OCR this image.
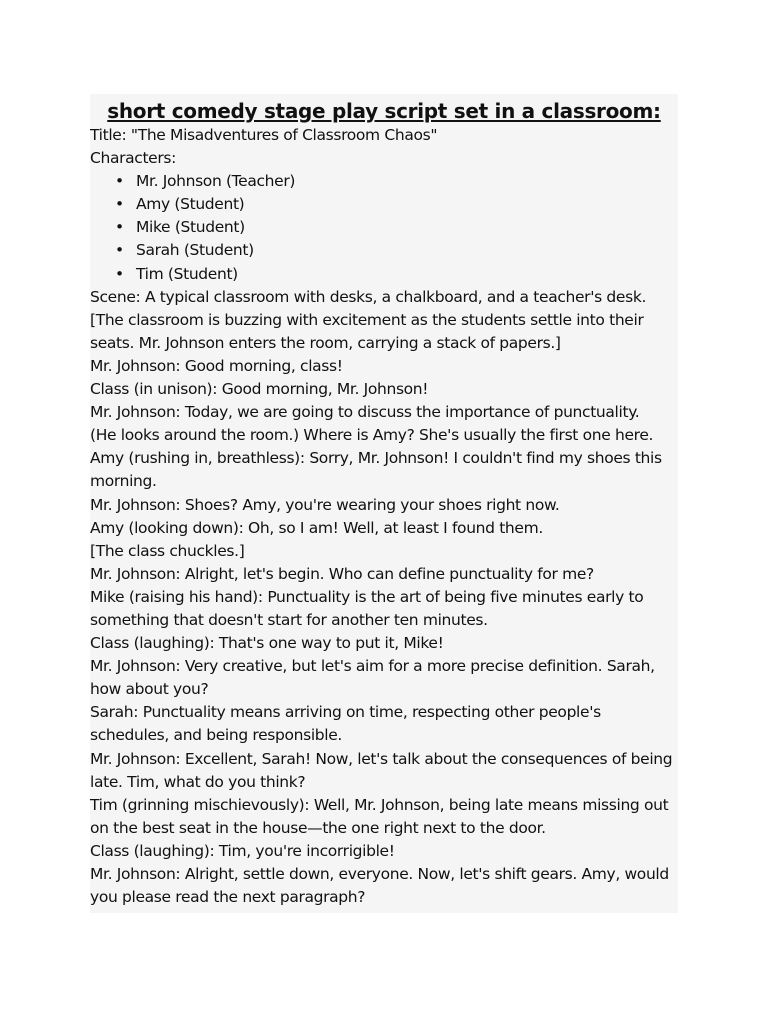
short comedy stage play script set in a classroom:

Title: "The Misadventures of Classroom Chaos"

Characters:

• Mr. Johnson (Teacher)
• Amy (Student)
• Mike (Student)
• Sarah (Student)
• Tim (Student)

Scene: A typical classroom with desks, a chalkboard, and a teacher's desk.

[The classroom is buzzing with excitement as the students settle into their

seats. Mr. Johnson enters the room, carrying a stack of papers.]

Mr. Johnson: Good morning, class!

Class (in unison): Good morning, Mr. Johnson!

Mr. Johnson: Today, we are going to discuss the importance of punctuality.

(He looks around the room.) Where is Amy? She's usually the first one here.

Amy (rushing in, breathless): Sorry, Mr. Johnson! I couldn't find my shoes this

morning.

Mr. Johnson: Shoes? Amy, you're wearing your shoes right now.

Amy (looking down): Oh, so I am! Well, at least I found them.

[The class chuckles.]

Mr. Johnson: Alright, let's begin. Who can define punctuality for me?

Mike (raising his hand): Punctuality is the art of being five minutes early to

something that doesn't start for another ten minutes.

Class (laughing): That's one way to put it, Mike!

Mr. Johnson: Very creative, but let's aim for a more precise definition. Sarah,

how about you?

Sarah: Punctuality means arriving on time, respecting other people's

schedules, and being responsible.

Mr. Johnson: Excellent, Sarah! Now, let's talk about the consequences of being

late. Tim, what do you think?

Tim (grinning mischievously): Well, Mr. Johnson, being late means missing out

on the best seat in the house—the one right next to the door.

Class (laughing): Tim, you're incorrigible!

Mr. Johnson: Alright, settle down, everyone. Now, let's shift gears. Amy, would

you please read the next paragraph?
